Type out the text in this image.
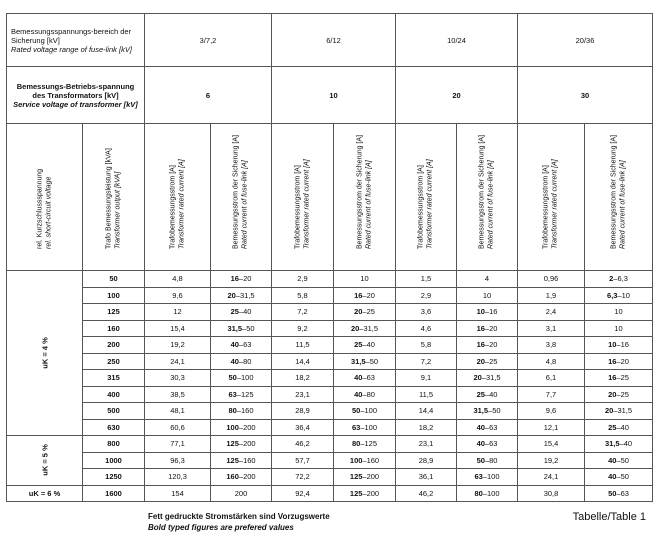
Bemessungsspannungs-bereich der Sicherung [kV]
Rated voltage range of fuse-link [kV]		3/7,2		6/12		10/24		20/36	

Bemessungs-Betriebs-spannung des Transformators [kV]
Service voltage of transformer [kV]		6		10		20		30	

rel. Kurzschlussspannung rel. short-circuit voltage	Trafo Bemessungsleistung [kVA] Transformer output [kVA]	Trafobemessungsstrom [A] Transformer rated current [A]	Bemessungsstrom der Sicherung [A] Rated current of fuse-link [A]	Trafobemessungsstrom [A] Transformer rated current [A]	Bemessungsstrom der Sicherung [A] Rated current of fuse-link [A]	Trafobemessungsstrom [A] Transformer rated current [A]	Bemessungsstrom der Sicherung [A] Rated current of fuse-link [A]	Trafobemessungsstrom [A] Transformer rated current [A]	Bemessungsstrom der Sicherung [A] Rated current of fuse-link [A]

uK = 4 %	50	4,8	16–20	2,9	10	1,5	4	0,96	2–6,3
	100	9,6	20–31,5	5,8	16–20	2,9	10	1,9	6,3–10
	125	12	25–40	7,2	20–25	3,6	10–16	2,4	10
	160	15,4	31,5–50	9,2	20–31,5	4,6	16–20	3,1	10
	200	19,2	40–63	11,5	25–40	5,8	16–20	3,8	10–16
	250	24,1	40–80	14,4	31,5–50	7,2	20–25	4,8	16–20
	315	30,3	50–100	18,2	40–63	9,1	20–31,5	6,1	16–25
	400	38,5	63–125	23,1	40–80	11,5	25–40	7,7	20–25
	500	48,1	80–160	28,9	50–100	14,4	31,5–50	9,6	20–31,5
	630	60,6	100–200	36,4	63–100	18,2	40–63	12,1	25–40

uK = 5 %	800	77,1	125–200	46,2	80–125	23,1	40–63	15,4	31,5–40
	1000	96,3	125–160	57,7	100–160	28,9	50–80	19,2	40–50
	1250	120,3	160–200	72,2	125–200	36,1	63–100	24,1	40–50
uK = 6 %	1600	154	200	92,4	125–200	46,2	80–100	30,8	50–63
Fett gedruckte Stromstärken sind Vorzugswerte
Bold typed figures are prefered values
Tabelle/Table 1
